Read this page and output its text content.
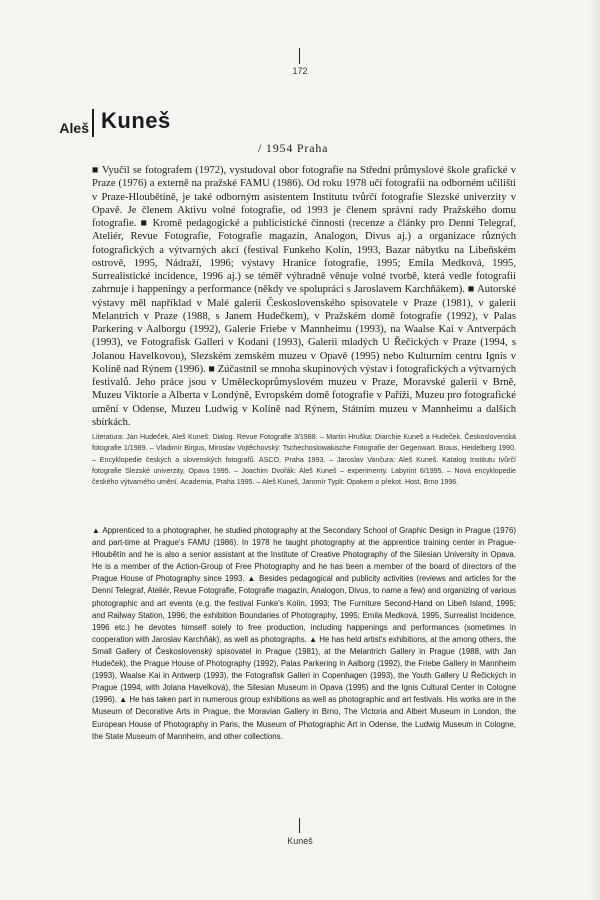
172
Aleš Kuneš
/ 1954 Praha

■ Vyučil se fotografem (1972), vystudoval obor fotografie na Střední průmyslové škole grafické v Praze (1976) a externě na pražské FAMU (1986). Od roku 1978 učí fotografii na odborném učilišti v Praze-Hloubětíně, je také odborným asistentem Institutu tvůrčí fotografie Slezské univerzity v Opavě. Je členem Aktivu volné fotografie, od 1993 je členem správní rady Pražského domu fotografie. ■ Kromě pedagogické a publicistické činnosti (recenze a články pro Denní Telegraf, Ateliér, Revue Fotografie, Fotografie magazín, Analogon, Divus aj.) a organizace různých fotografických a výtvarných akcí (festival Funkeho Kolín, 1993, Bazar nábytku na Libeňském ostrově, 1995, Nádraží, 1996; výstavy Hranice fotografie, 1995; Emila Medková, 1995, Surrealistické incidence, 1996 aj.) se téměř výhradně věnuje volné tvorbě, která vedle fotografií zahrnuje i happeningy a performance (někdy ve spolupráci s Jaroslavem Karchňákem). ■ Autorské výstavy měl například v Malé galerii Československého spisovatele v Praze (1981), v galerii Melantrich v Praze (1988, s Janem Hudečkem), v Pražském domě fotografie (1992), v Palas Parkering v Aalborgu (1992), Galerie Friebe v Mannheimu (1993), na Waalse Kai v Antverpách (1993), ve Fotografisk Galleri v Kodani (1993), Galerii mladých U Řečických v Praze (1994, s Jolanou Havelkovou), Slezském zemském muzeu v Opavě (1995) nebo Kulturním centru Ignis v Kolíně nad Rýnem (1996). ■ Zúčastnil se mnoha skupinových výstav i fotografických a výtvarných festivalů. Jeho práce jsou v Uměleckoprůmyslovém muzeu v Praze, Moravské galerii v Brně, Muzeu Viktorie a Alberta v Londýně, Evropském domě fotografie v Paříži, Muzeu pro fotografické umění v Odense, Muzeu Ludwig v Kolíně nad Rýnem, Státním muzeu v Mannheimu a dalších sbírkách.

Literatura: Jan Hudeček, Aleš Kuneš: Dialog. Revue Fotografie 3/1988. – Martin Hruška: Diarchie Kuneš a Hudeček. Československá fotografie 1/1989. – Vladimír Birgus, Miroslav Vojtěchovský: Tschechoslowakische Fotografie der Gegenwart. Braus, Heidelberg 1990. – Encyklopedie českých a slovenských fotografů. ASCO, Praha 1993. – Jaroslav Vančura: Aleš Kuneš. Katalog Institutu tvůrčí fotografie Slezské univerzity, Opava 1995. – Joachim Dvořák: Aleš Kuneš – experimenty. Labyrint 6/1995. – Nová encyklopedie českého výtvarného umění. Academia, Praha 1995. – Aleš Kuneš, Jaromír Typlt: Opakem o překot. Host, Brno 1996.

▲ Apprenticed to a photographer, he studied photography at the Secondary School of Graphic Design in Prague (1976) and part-time at Prague's FAMU (1986). In 1978 he taught photography at the apprentice training center in Prague-Hloubětín and he is also a senior assistant at the Institute of Creative Photography of the Silesian University in Opava. He is a member of the Action-Group of Free Photography and he has been a member of the board of directors of the Prague House of Photography since 1993. ▲ Besides pedagogical and publicity activities (reviews and articles for the Denní Telegraf, Ateliér, Revue Fotografie, Fotografie magazín, Analogon, Divus, to name a few) and organizing of various photographic and art events (e.g. the festival Funke's Kolín, 1993; The Furniture Second-Hand on Libeň Island, 1995; and Railway Station, 1996; the exhibition Boundaries of Photography, 1995; Emila Medková, 1995, Surrealist Incidence, 1996 etc.) he devotes himself solely to free production, including happenings and performances (sometimes in cooperation with Jaroslav Karchňák), as well as photographs. ▲ He has held artist's exhibitions, at the among others, the Small Gallery of Československý spisovatel in Prague (1981), at the Melantrich Gallery in Prague (1988, with Jan Hudeček), the Prague House of Photography (1992), Palas Parkering in Aalborg (1992), the Friebe Gallery in Mannheim (1993), Waalse Kai in Antwerp (1993), the Fotografisk Galleri in Copenhagen (1993), the Youth Gallery U Řečických in Prague (1994, with Jolana Havelková), the Silesian Museum in Opava (1995) and the Ignis Cultural Center in Cologne (1996). ▲ He has taken part in numerous group exhibitions as well as photographic and art festivals. His works are in the Museum of Decorative Arts in Prague, the Moravian Gallery in Brno, The Victoria and Albert Museum in London, the European House of Photography in Paris, the Museum of Photographic Art in Odense, the Ludwig Museum in Cologne, the State Museum of Mannheim, and other collections.

Kuneš
